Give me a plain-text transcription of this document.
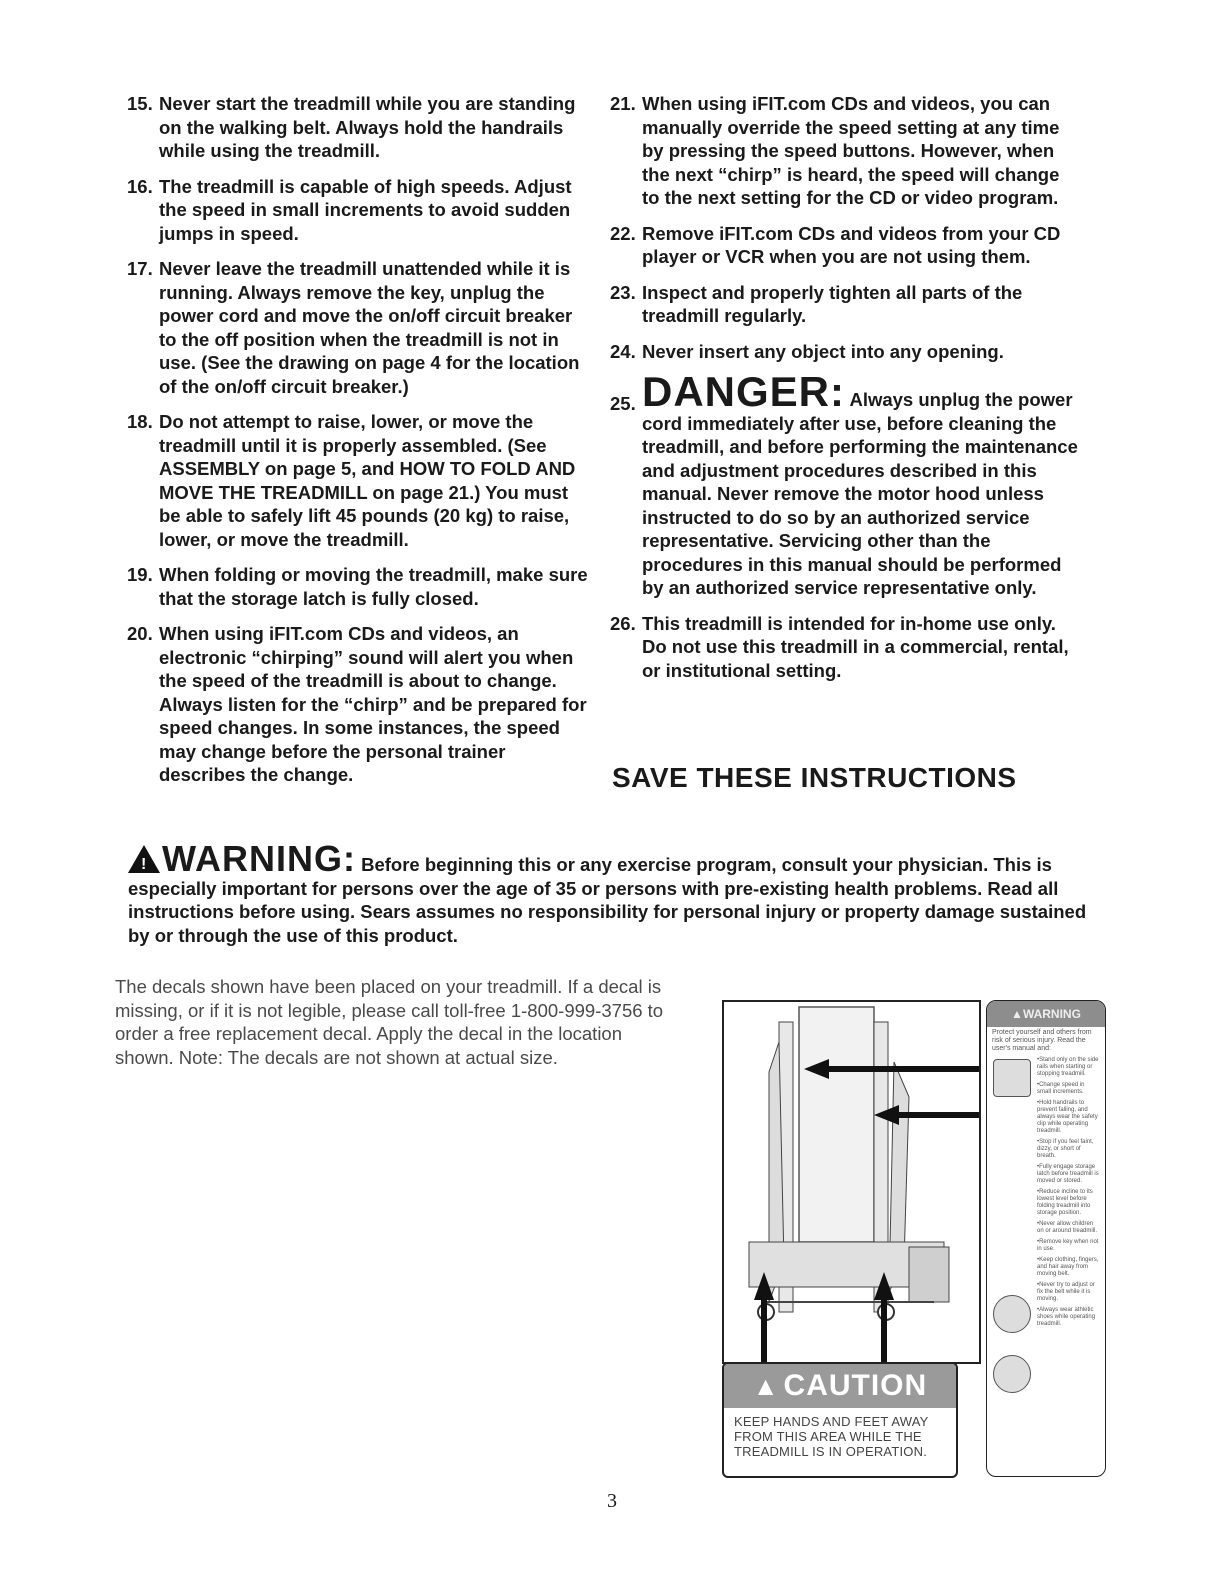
15. Never start the treadmill while you are standing on the walking belt. Always hold the handrails while using the treadmill.
16. The treadmill is capable of high speeds. Adjust the speed in small increments to avoid sudden jumps in speed.
17. Never leave the treadmill unattended while it is running. Always remove the key, unplug the power cord and move the on/off circuit breaker to the off position when the treadmill is not in use. (See the drawing on page 4 for the location of the on/off circuit breaker.)
18. Do not attempt to raise, lower, or move the treadmill until it is properly assembled. (See ASSEMBLY on page 5, and HOW TO FOLD AND MOVE THE TREADMILL on page 21.) You must be able to safely lift 45 pounds (20 kg) to raise, lower, or move the treadmill.
19. When folding or moving the treadmill, make sure that the storage latch is fully closed.
20. When using iFIT.com CDs and videos, an electronic “chirping” sound will alert you when the speed of the treadmill is about to change. Always listen for the “chirp” and be prepared for speed changes. In some instances, the speed may change before the personal trainer describes the change.
21. When using iFIT.com CDs and videos, you can manually override the speed setting at any time by pressing the speed buttons. However, when the next “chirp” is heard, the speed will change to the next setting for the CD or video program.
22. Remove iFIT.com CDs and videos from your CD player or VCR when you are not using them.
23. Inspect and properly tighten all parts of the treadmill regularly.
24. Never insert any object into any opening.
25. DANGER: Always unplug the power cord immediately after use, before cleaning the treadmill, and before performing the maintenance and adjustment procedures described in this manual. Never remove the motor hood unless instructed to do so by an authorized service representative. Servicing other than the procedures in this manual should be performed by an authorized service representative only.
26. This treadmill is intended for in-home use only. Do not use this treadmill in a commercial, rental, or institutional setting.
SAVE THESE INSTRUCTIONS
! WARNING: Before beginning this or any exercise program, consult your physician. This is especially important for persons over the age of 35 or persons with pre-existing health problems. Read all instructions before using. Sears assumes no responsibility for personal injury or property damage sustained by or through the use of this product.
The decals shown have been placed on your treadmill. If a decal is missing, or if it is not legible, please call toll-free 1-800-999-3756 to order a free replacement decal. Apply the decal in the location shown. Note: The decals are not shown at actual size.
▲ CAUTION
KEEP HANDS AND FEET AWAY
FROM THIS AREA WHILE THE
TREADMILL IS IN OPERATION.
▲WARNING
Protect yourself and others from risk of serious injury. Read the user's manual and:
•Stand only on the side rails when starting or stopping treadmill.
•Change speed in small increments.
•Hold handrails to prevent falling, and always wear the safety clip while operating treadmill.
•Stop if you feel faint, dizzy, or short of breath.
•Fully engage storage latch before treadmill is moved or stored.
•Reduce incline to its lowest level before folding treadmill into storage position.
•Never allow children on or around treadmill.
•Remove key when not in use.
•Keep clothing, fingers, and hair away from moving belt.
•Never try to adjust or fix the belt while it is moving.
•Always wear athletic shoes while operating treadmill.
3
